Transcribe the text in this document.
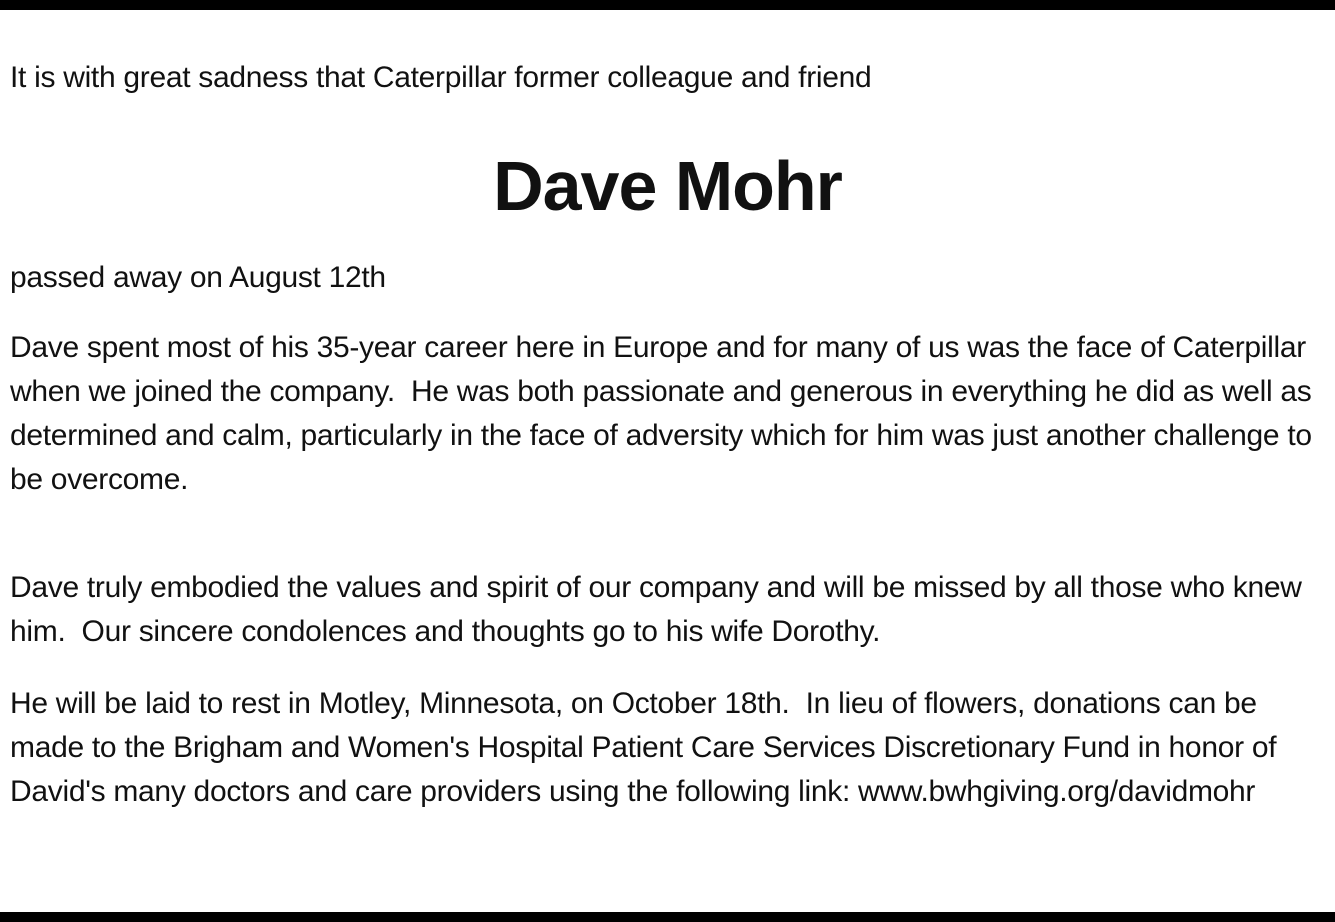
It is with great sadness that Caterpillar former colleague and friend
Dave Mohr
passed away on August 12th
Dave spent most of his 35-year career here in Europe and for many of us was the face of Caterpillar when we joined the company.  He was both passionate and generous in everything he did as well as determined and calm, particularly in the face of adversity which for him was just another challenge to be overcome.
Dave truly embodied the values and spirit of our company and will be missed by all those who knew him.  Our sincere condolences and thoughts go to his wife Dorothy.
He will be laid to rest in Motley, Minnesota, on October 18th.  In lieu of flowers, donations can be made to the Brigham and Women's Hospital Patient Care Services Discretionary Fund in honor of David's many doctors and care providers using the following link: www.bwhgiving.org/davidmohr
